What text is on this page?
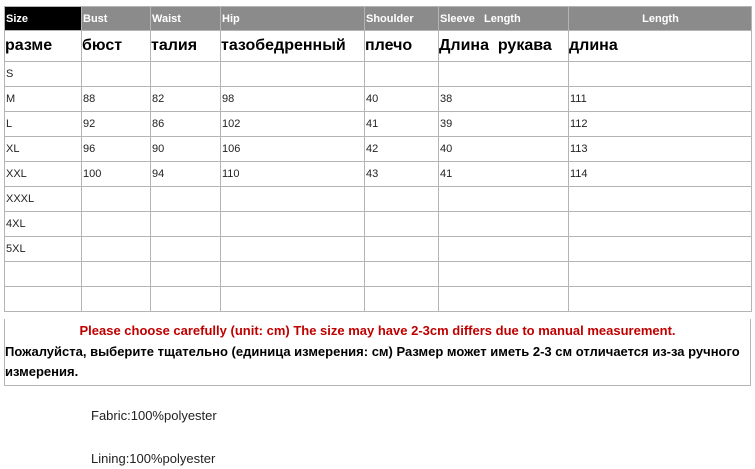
Size	Bust	Waist	Hip	Shoulder	Sleeve   Length	Length
разме	бюст	талия	тазобедренный	плечо	Длина  рукава	длина
S						
M	88	82	98	40	38	111
L	92	86	102	41	39	112
XL	96	90	106	42	40	113
XXL	100	94	110	43	41	114
XXXL						
4XL						
5XL						

Please choose carefully (unit: cm) The size may have 2-3cm differs due to manual measurement.
Пожалуйста, выберите тщательно (единица измерения: см) Размер может иметь 2-3 см отличается из-за ручного измерения.
Fabric:100%polyester
Lining:100%polyester
